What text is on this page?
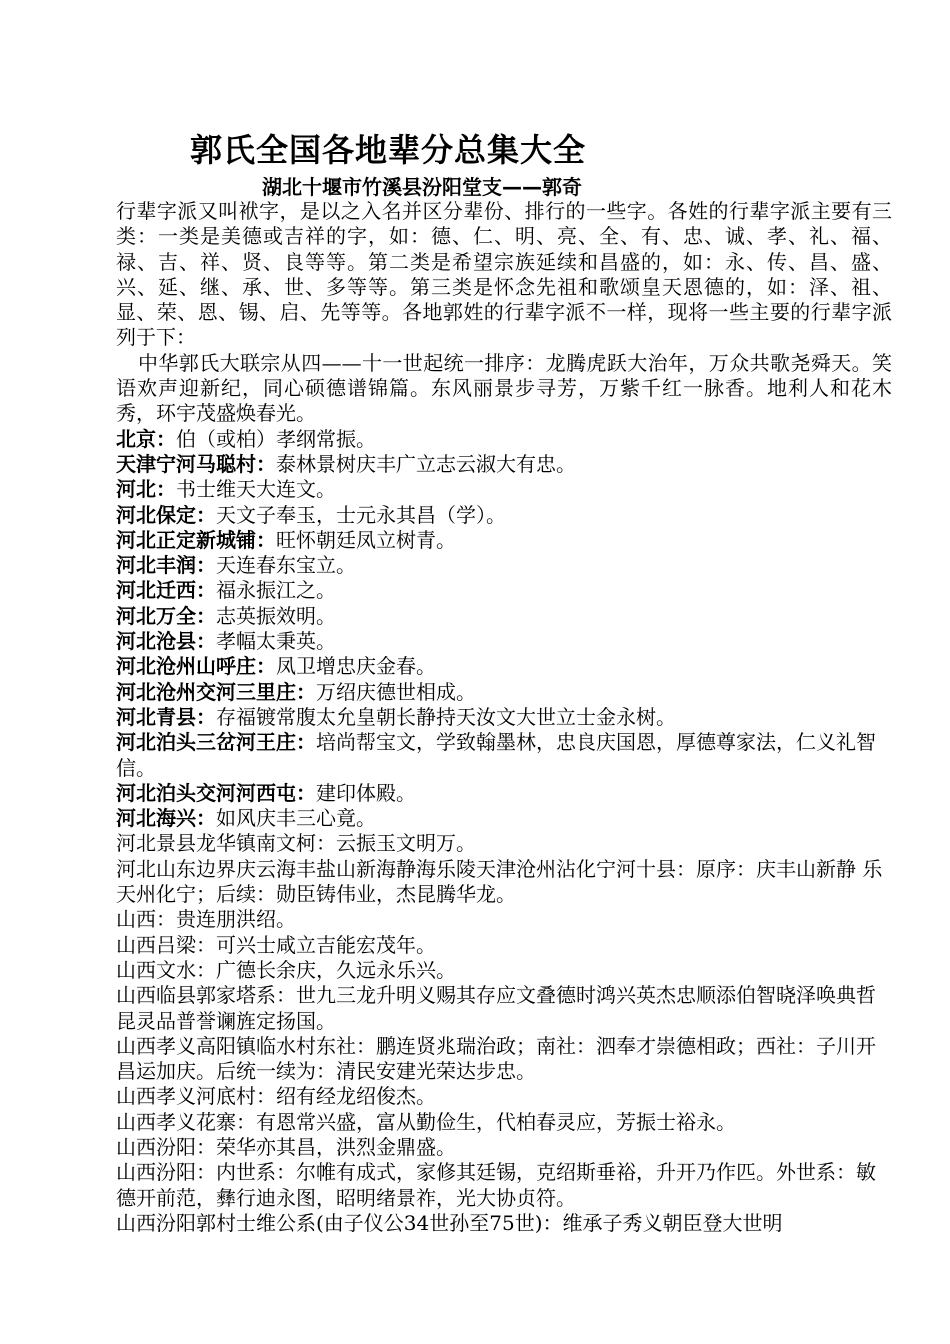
郭氏全国各地辈分总集大全
湖北十堰市竹溪县汾阳堂支——郭奇

行辈字派又叫袱字，是以之入名并区分辈份、排行的一些字。各姓的行辈字派主要有三类：一类是美德或吉祥的字，如：德、仁、明、亮、全、有、忠、诚、孝、礼、福、禄、吉、祥、贤、良等等。第二类是希望宗族延续和昌盛的，如：永、传、昌、盛、兴、延、继、承、世、多等等。第三类是怀念先祖和歌颂皇天恩德的，如：泽、祖、显、荣、恩、锡、启、先等等。各地郭姓的行辈字派不一样，现将一些主要的行辈字派列于下：

中华郭氏大联宗从四——十一世起统一排序：龙腾虎跃大治年，万众共歌尧舜天。笑语欢声迎新纪，同心硕德谱锦篇。东风丽景步寻芳，万紫千红一脉香。地利人和花木秀，环宇茂盛焕春光。

北京：伯（或柏）孝纲常振。

天津宁河马聪村：泰林景树庆丰广立志云淑大有忠。

河北：书士维天大连文。

河北保定：天文子奉玉，士元永其昌（学）。

河北正定新城铺：旺怀朝廷凤立树青。

河北丰润：天连春东宝立。

河北迁西：福永振江之。

河北万全：志英振效明。

河北沧县：孝幅太秉英。

河北沧州山呼庄：凤卫增忠庆金春。

河北沧州交河三里庄：万绍庆德世相成。

河北青县：存福镀常腹太允皇朝长静持天汝文大世立士金永树。

河北泊头三岔河王庄：培尚帮宝文，学致翰墨林，忠良庆国恩，厚德尊家法，仁义礼智信。

河北泊头交河河西屯：建印体殿。

河北海兴：如风庆丰三心竟。

河北景县龙华镇南文柯：云振玉文明万。

河北山东边界庆云海丰盐山新海静海乐陵天津沧州沾化宁河十县：原序：庆丰山新静 乐天州化宁；后续：勋臣铸伟业，杰昆腾华龙。

山西：贵连朋洪绍。

山西吕梁：可兴士咸立吉能宏茂年。

山西文水：广德长余庆，久远永乐兴。

山西临县郭家塔系：世九三龙升明义赐其存应文叠德时鸿兴英杰忠顺添伯智晓泽唤典哲昆灵品普誉谰旌定扬国。

山西孝义高阳镇临水村东社：鹏连贤兆瑞治政；南社：泗奉才崇德相政；西社：子川开昌运加庆。后统一续为：清民安建光荣达步忠。

山西孝义河底村：绍有经龙绍俊杰。

山西孝义花寨：有恩常兴盛，富从勤俭生，代柏春灵应，芳振士裕永。

山西汾阳：荣华亦其昌，洪烈金鼎盛。

山西汾阳：内世系：尔帷有成式，家修其廷锡，克绍斯垂裕，升开乃作匹。外世系：敏德开前范，彝行迪永图，昭明绪景祚，光大协贞符。

山西汾阳郭村士维公系(由子仪公34世孙至75世)：维承子秀义朝臣登大世明
